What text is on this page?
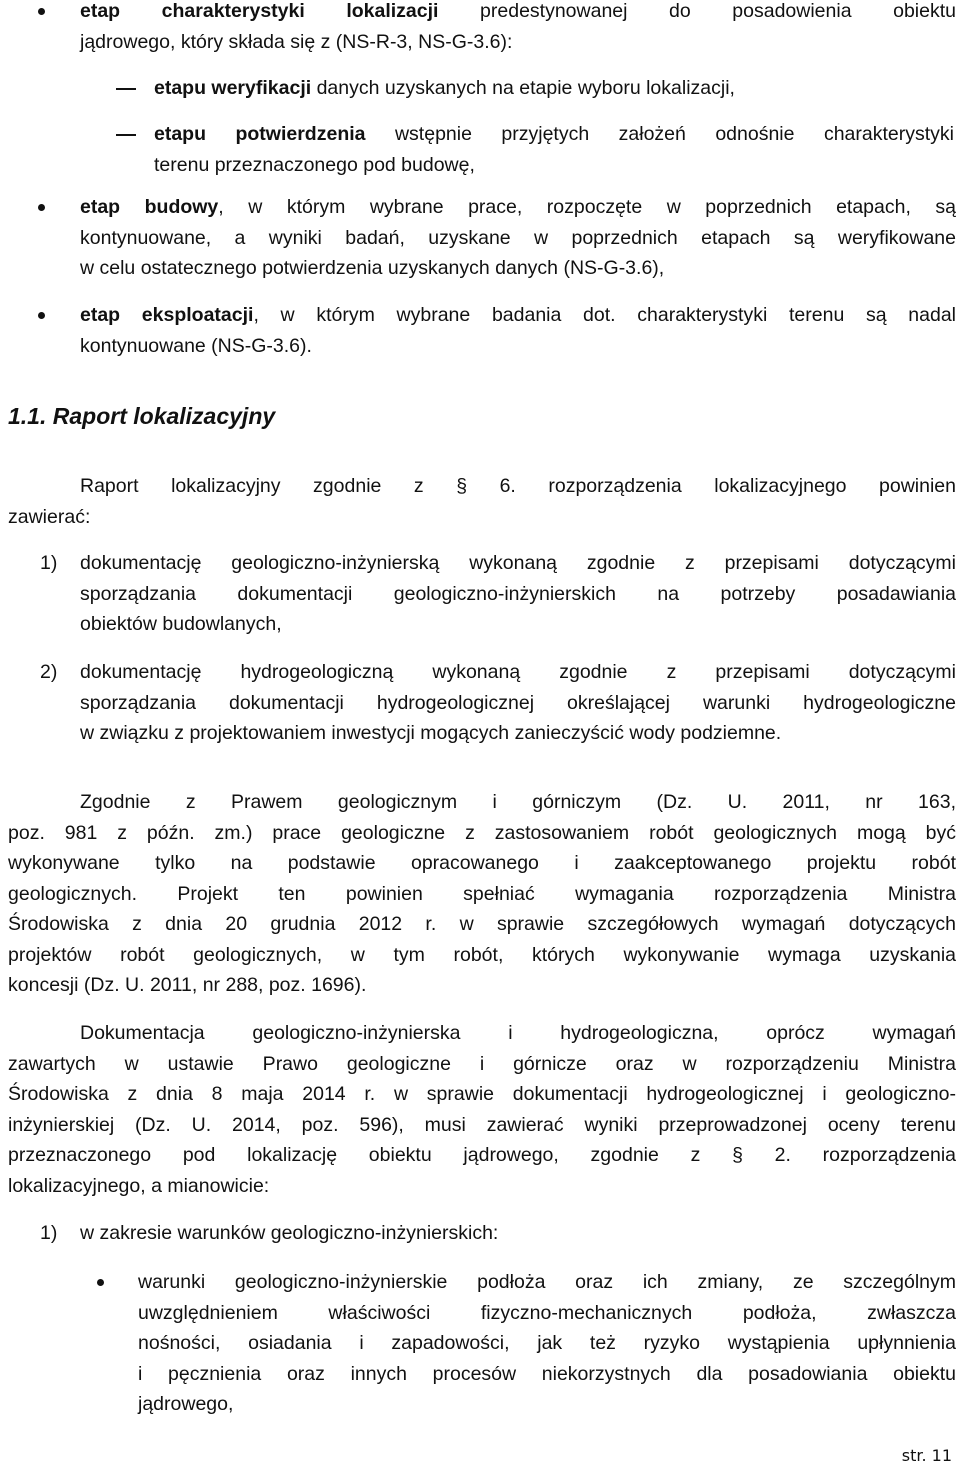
etap charakterystyki lokalizacji predestynowanej do posadowienia obiektu
jądrowego, który składa się z (NS-R-3, NS-G-3.6):
etapu weryfikacji danych uzyskanych na etapie wyboru lokalizacji,
etapu potwierdzenia wstępnie przyjętych założeń odnośnie charakterystyki
terenu przeznaczonego pod budowę,
etap budowy, w którym wybrane prace, rozpoczęte w poprzednich etapach, są
kontynuowane, a wyniki badań, uzyskane w poprzednich etapach są weryfikowane
w celu ostatecznego potwierdzenia uzyskanych danych (NS-G-3.6),
etap eksploatacji, w którym wybrane badania dot. charakterystyki terenu są nadal
kontynuowane (NS-G-3.6).
1.1. Raport lokalizacyjny
Raport lokalizacyjny zgodnie z § 6. rozporządzenia lokalizacyjnego powinien
zawierać:
1) dokumentację geologiczno-inżynierską wykonaną zgodnie z przepisami dotyczącymi
sporządzania dokumentacji geologiczno-inżynierskich na potrzeby posadawiania
obiektów budowlanych,
2) dokumentację hydrogeologiczną wykonaną zgodnie z przepisami dotyczącymi
sporządzania dokumentacji hydrogeologicznej określającej warunki hydrogeologiczne
w związku z projektowaniem inwestycji mogących zanieczyścić wody podziemne.
Zgodnie z Prawem geologicznym i górniczym (Dz. U. 2011, nr 163,
poz. 981 z późn. zm.) prace geologiczne z zastosowaniem robót geologicznych mogą być
wykonywane tylko na podstawie opracowanego i zaakceptowanego projektu robót
geologicznych. Projekt ten powinien spełniać wymagania rozporządzenia Ministra
Środowiska z dnia 20 grudnia 2012 r. w sprawie szczegółowych wymagań dotyczących
projektów robót geologicznych, w tym robót, których wykonywanie wymaga uzyskania
koncesji (Dz. U. 2011, nr 288, poz. 1696).
Dokumentacja geologiczno-inżynierska i hydrogeologiczna, oprócz wymagań
zawartych w ustawie Prawo geologiczne i górnicze oraz w rozporządzeniu Ministra
Środowiska z dnia 8 maja 2014 r. w sprawie dokumentacji hydrogeologicznej i geologiczno-
inżynierskiej (Dz. U. 2014, poz. 596), musi zawierać wyniki przeprowadzonej oceny terenu
przeznaczonego pod lokalizację obiektu jądrowego, zgodnie z § 2. rozporządzenia
lokalizacyjnego, a mianowicie:
1) w zakresie warunków geologiczno-inżynierskich:
warunki geologiczno-inżynierskie podłoża oraz ich zmiany, ze szczególnym
uwzględnieniem właściwości fizyczno-mechanicznych podłoża, zwłaszcza
nośności, osiadania i zapadowości, jak też ryzyko wystąpienia upłynnienia
i pęcznienia oraz innych procesów niekorzystnych dla posadowiania obiektu
jądrowego,
str. 11
